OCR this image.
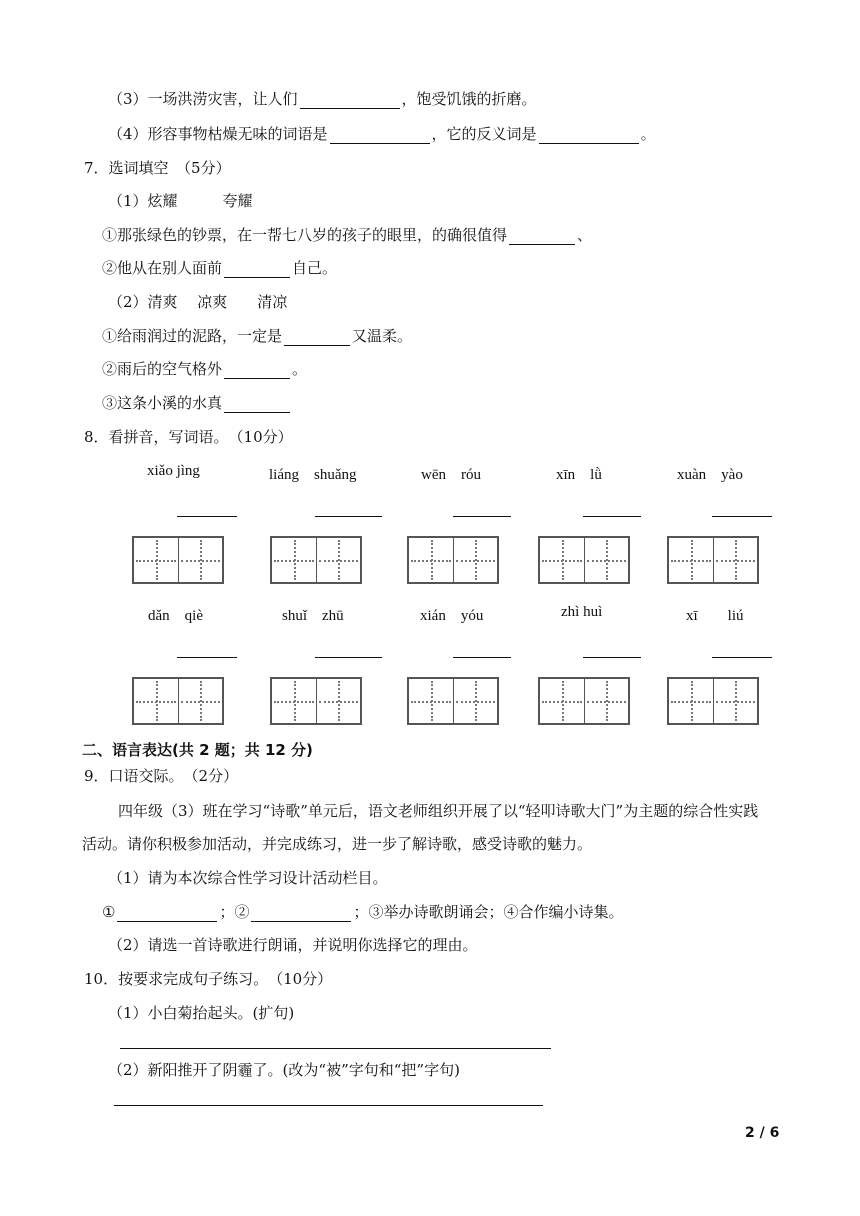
（3）一场洪涝灾害，让人们	，饱受饥饿的折磨。
（4）形容事物枯燥无味的词语是	，它的反义词是	。
7．选词填空　（5分）
（1）炫耀　　　夸耀
①那张绿色的钞票，在一帮七八岁的孩子的眼里，的确很值得	、
②他从在别人面前	自己。
（2）清爽　 凉爽　　清凉
①给雨润过的泥路，一定是	又温柔。
②雨后的空气格外	。
③这条小溪的水真
8．看拼音，写词语。　（10分）
xiǎo jìng	liáng　shuǎng	wēn　róu	xīn　lǜ	xuàn　yào
dǎn　qiè	shuǐ　zhū	xián　yóu	zhì huì	xī　　liú
二、语言表达(共 2 题；共 12 分)
9．口语交际。　（2分）
四年级（3）班在学习“诗歌”单元后，语文老师组织开展了以“轻叩诗歌大门”为主题的综合性实践
活动。请你积极参加活动，并完成练习，进一步了解诗歌，感受诗歌的魅力。
（1）请为本次综合性学习设计活动栏目。
①	；②	；③举办诗歌朗诵会；④合作编小诗集。
（2）请选一首诗歌进行朗诵，并说明你选择它的理由。
10．按要求完成句子练习。　（10分）
（1）小白菊抬起头。(扩句)
（2）新阳推开了阴霾了。(改为“被”字句和“把”字句)
2 / 6
